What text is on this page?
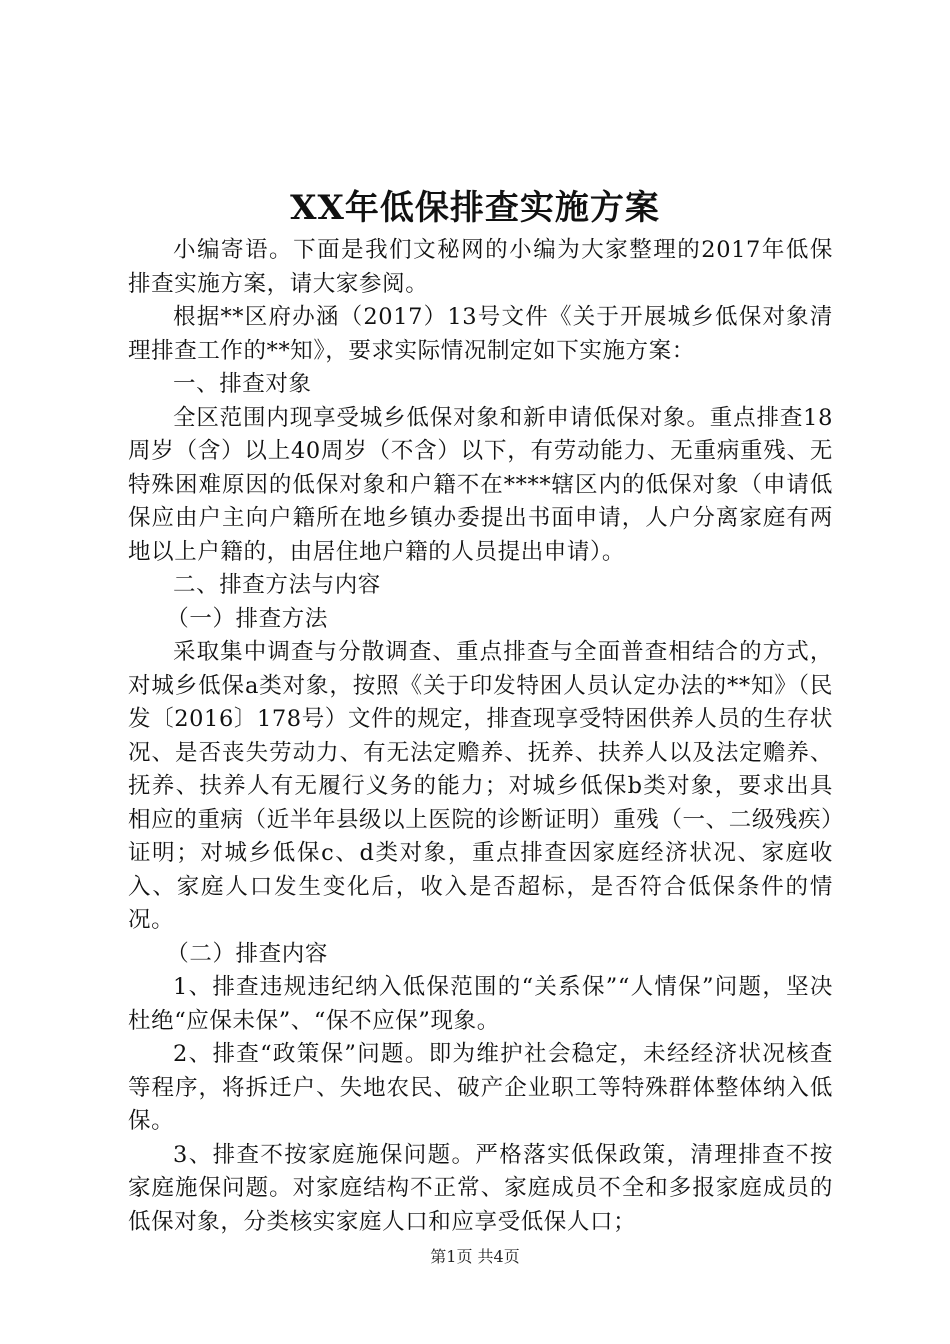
XX年低保排查实施方案

小编寄语。下面是我们文秘网的小编为大家整理的2017年低保排查实施方案，请大家参阅。

根据**区府办涵（2017）13号文件《关于开展城乡低保对象清理排查工作的**知》，要求实际情况制定如下实施方案：

一、排查对象

全区范围内现享受城乡低保对象和新申请低保对象。重点排查18周岁（含）以上40周岁（不含）以下，有劳动能力、无重病重残、无特殊困难原因的低保对象和户籍不在****辖区内的低保对象（申请低保应由户主向户籍所在地乡镇办委提出书面申请，人户分离家庭有两地以上户籍的，由居住地户籍的人员提出申请）。

二、排查方法与内容

（一）排查方法

采取集中调查与分散调查、重点排查与全面普查相结合的方式，对城乡低保a类对象，按照《关于印发特困人员认定办法的**知》（民发〔2016〕178号）文件的规定，排查现享受特困供养人员的生存状况、是否丧失劳动力、有无法定赡养、抚养、扶养人以及法定赡养、抚养、扶养人有无履行义务的能力；对城乡低保b类对象，要求出具相应的重病（近半年县级以上医院的诊断证明）重残（一、二级残疾）证明；对城乡低保c、d类对象，重点排查因家庭经济状况、家庭收入、家庭人口发生变化后，收入是否超标，是否符合低保条件的情况。

（二）排查内容

1、排查违规违纪纳入低保范围的“关系保”“人情保”问题，坚决杜绝“应保未保”、“保不应保”现象。

2、排查“政策保”问题。即为维护社会稳定，未经经济状况核查等程序，将拆迁户、失地农民、破产企业职工等特殊群体整体纳入低保。

3、排查不按家庭施保问题。严格落实低保政策，清理排查不按家庭施保问题。对家庭结构不正常、家庭成员不全和多报家庭成员的低保对象，分类核实家庭人口和应享受低保人口；

第1页 共4页
